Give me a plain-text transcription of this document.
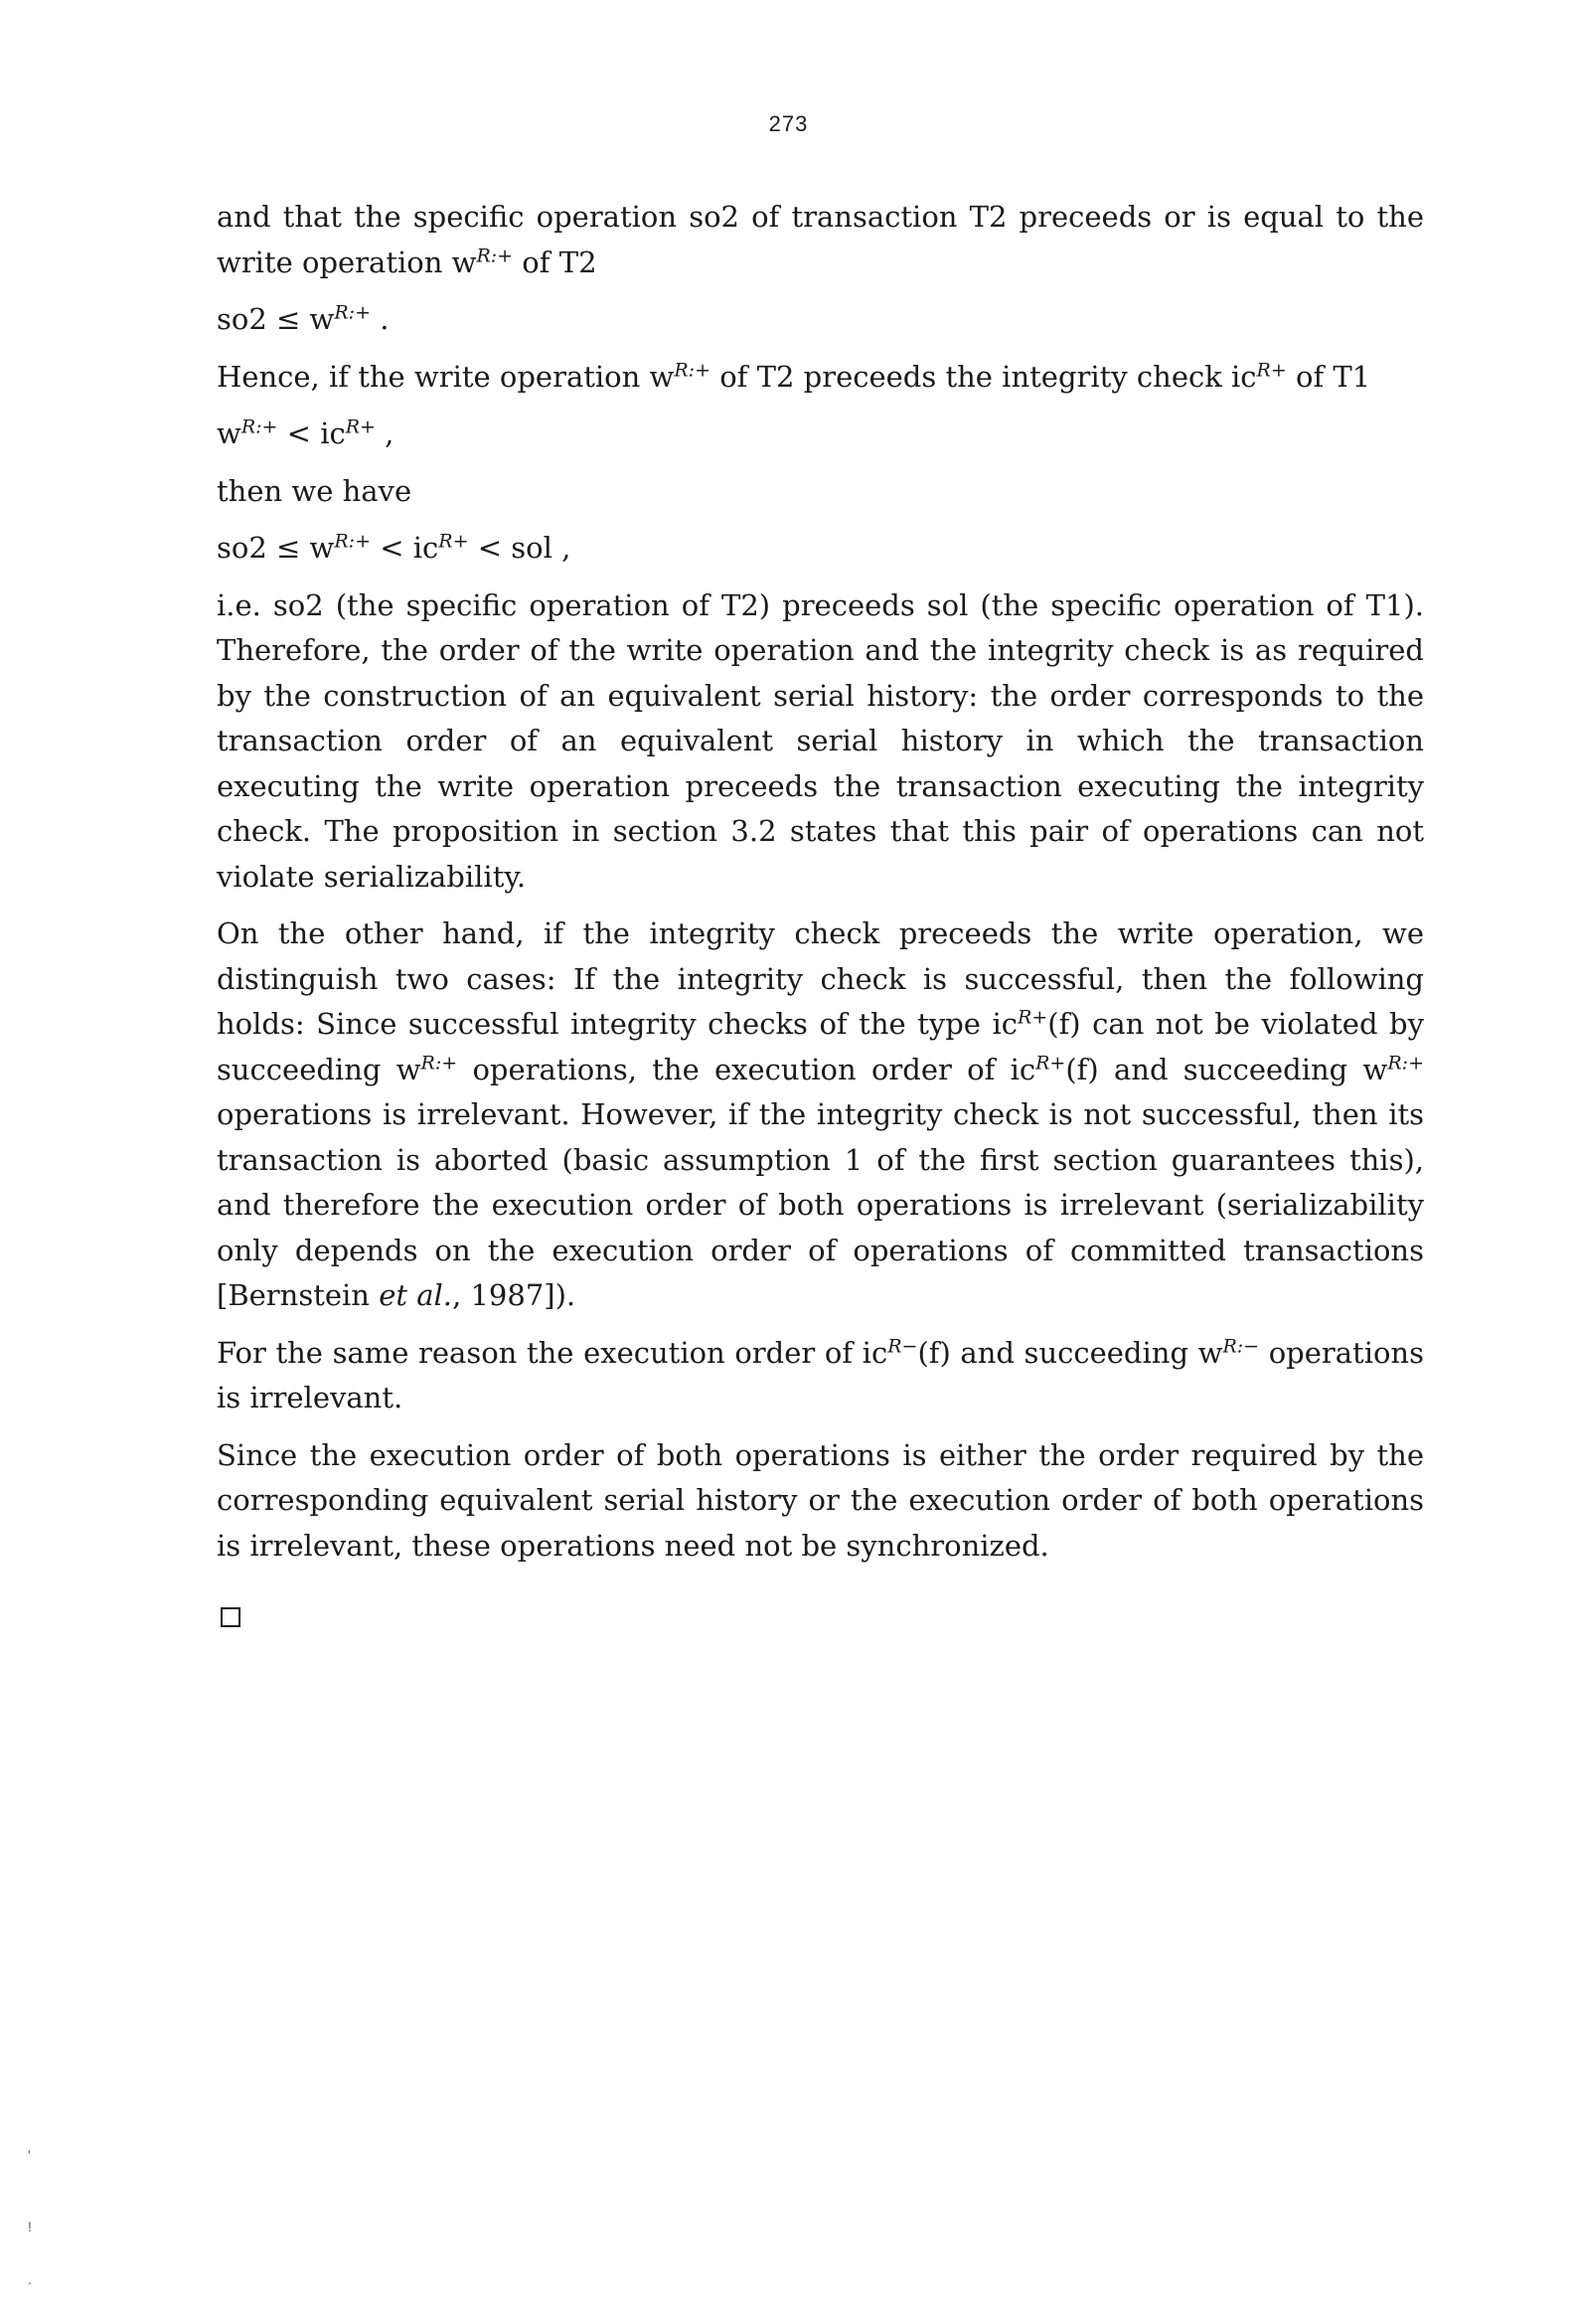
273

and that the specific operation so2 of transaction T2 preceeds or is equal to the write operation $w^{R:+}$ of T2

$so2 \le w^{R:+}$ .

Hence, if the write operation $w^{R:+}$ of T2 preceeds the integrity check $ic^{R+}$ of T1

$w^{R:+} < ic^{R+}$ ,

then we have

$so2 \le w^{R:+} < ic^{R+}$ < sol ,

i.e. so2 (the specific operation of T2) preceeds sol (the specific operation of T1). Therefore, the order of the write operation and the integrity check is as required by the construction of an equivalent serial history: the order corresponds to the transaction order of an equivalent serial history in which the transaction executing the write operation preceeds the transaction executing the integrity check. The proposition in section 3.2 states that this pair of operations can not violate serializability.

On the other hand, if the integrity check preceeds the write operation, we distinguish two cases: If the integrity check is successful, then the following holds: Since successful integrity checks of the type $ic^{R+}(f)$ can not be violated by succeeding $w^{R:+}$ operations, the execution order of $ic^{R+}(f)$ and succeeding $w^{R:+}$ operations is irrelevant. However, if the integrity check is not successful, then its transaction is aborted (basic assumption 1 of the first section guarantees this), and therefore the execution order of both operations is irrelevant (serializability only depends on the execution order of operations of committed transactions [Bernstein et al., 1987]).

For the same reason the execution order of $ic^{R-}(f)$ and succeeding $w^{R:-}$ operations is irrelevant.

Since the execution order of both operations is either the order required by the corresponding equivalent serial history or the execution order of both operations is irrelevant, these operations need not be synchronized.

'
!
.
